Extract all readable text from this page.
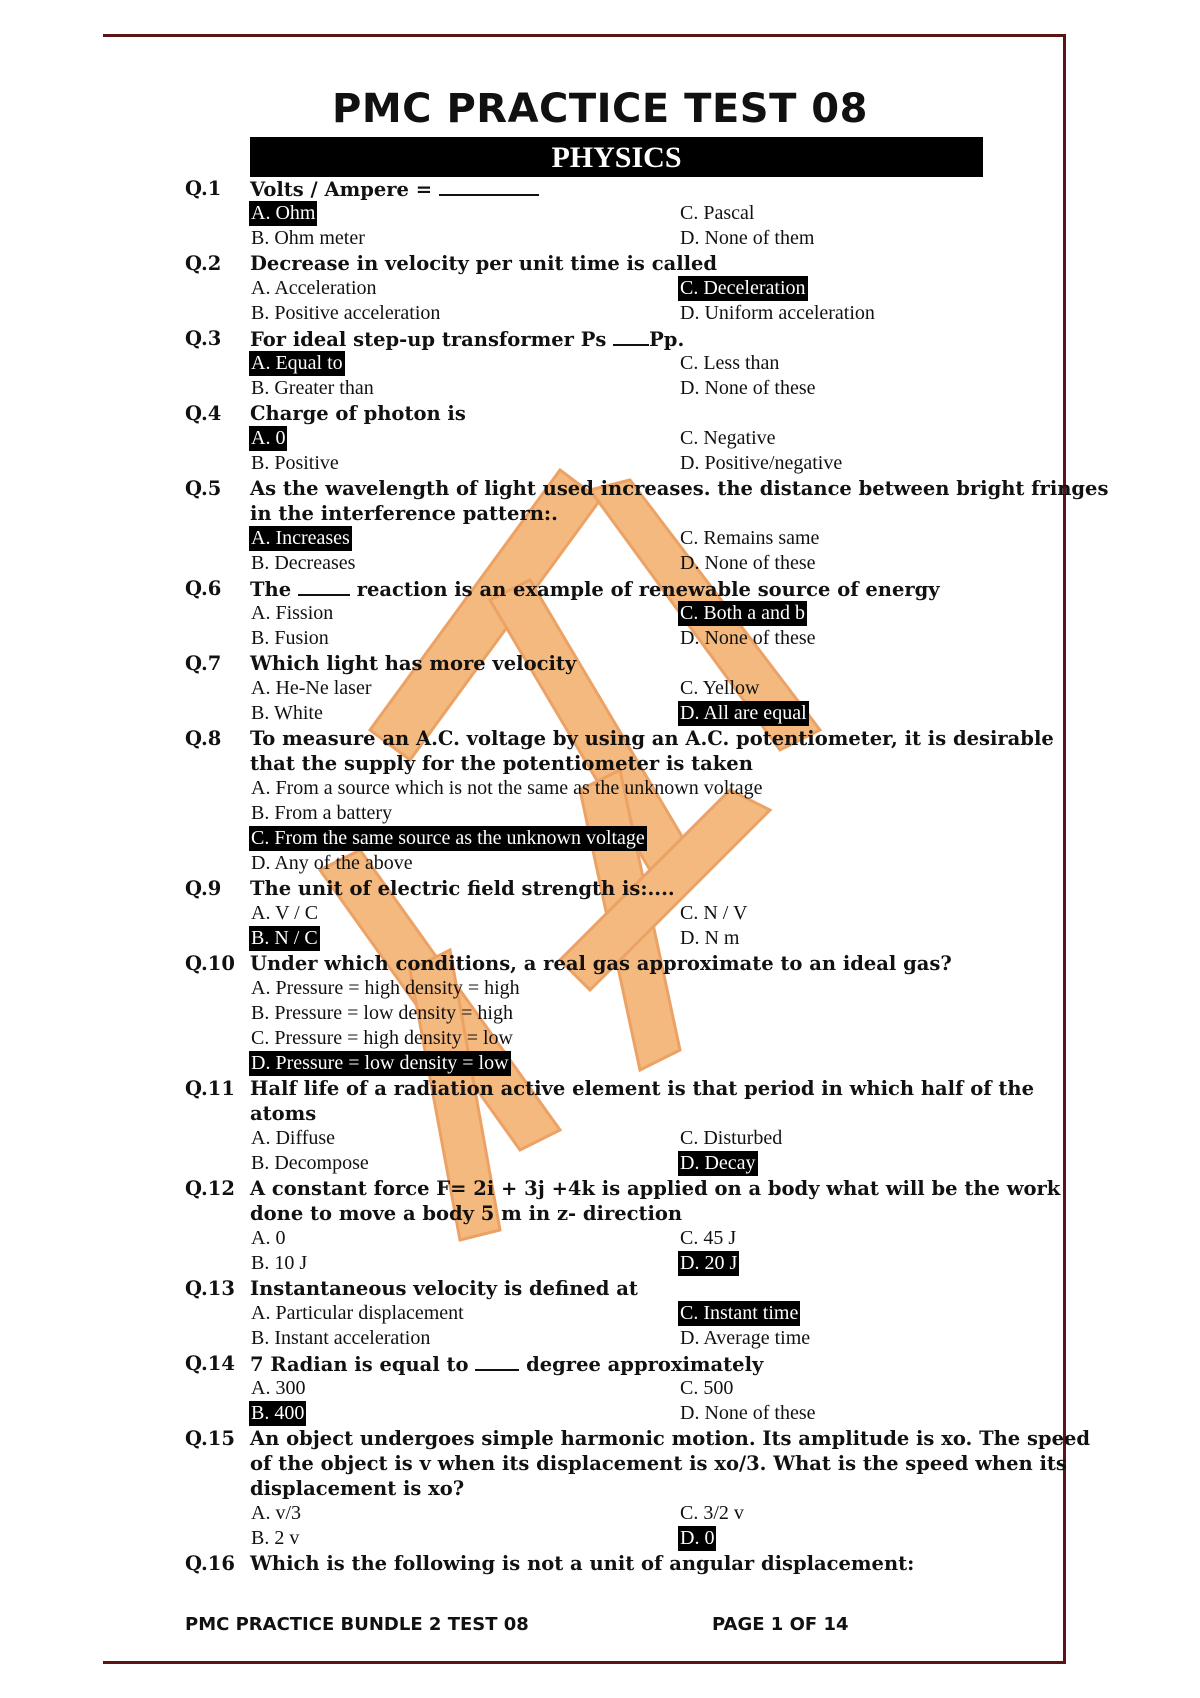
PMC PRACTICE TEST 08
PHYSICS
Q.1 Volts / Ampere =
A. Ohm	C. Pascal
B. Ohm meter	D. None of them
Q.2 Decrease in velocity per unit time is called
A. Acceleration	C. Deceleration
B. Positive acceleration	D. Uniform acceleration
Q.3 For ideal step-up transformer Ps Pp.
A. Equal to	C. Less than
B. Greater than	D. None of these
Q.4 Charge of photon is
A. 0	C. Negative
B. Positive	D. Positive/negative
Q.5 As the wavelength of light used increases. the distance between bright fringes
in the interference pattern:.
A. Increases	C. Remains same
B. Decreases	D. None of these
Q.6 The	reaction is an example of renewable source of energy
A. Fission	C. Both a and b
B. Fusion	D. None of these
Q.7 Which light has more velocity
A. He-Ne laser	C. Yellow
B. White	D. All are equal
Q.8 To measure an A.C. voltage by using an A.C. potentiometer, it is desirable
that the supply for the potentiometer is taken
A. From a source which is not the same as the unknown voltage
B. From a battery
C. From the same source as the unknown voltage
D. Any of the above
Q.9 The unit of electric field strength is:....
A. V / C	C. N / V
B. N / C	D. N m
Q.10 Under which conditions, a real gas approximate to an ideal gas?
A. Pressure = high density = high
B. Pressure = low density = high
C. Pressure = high density = low
D. Pressure = low density = low
Q.11 Half life of a radiation active element is that period in which half of the
atoms
A. Diffuse	C. Disturbed
B. Decompose	D. Decay
Q.12 A constant force F= 2i + 3j +4k is applied on a body what will be the work
done to move a body 5 m in z- direction
A. 0	C. 45 J
B. 10 J	D. 20 J
Q.13 Instantaneous velocity is defined at
A. Particular displacement	C. Instant time
B. Instant acceleration	D. Average time
Q.14 7 Radian is equal to	degree approximately
A. 300	C. 500
B. 400	D. None of these
Q.15 An object undergoes simple harmonic motion. Its amplitude is xo. The speed
of the object is v when its displacement is xo/3. What is the speed when its
displacement is xo?
A. v/3	C. 3/2 v
B. 2 v	D. 0
Q.16 Which is the following is not a unit of angular displacement:
PMC PRACTICE BUNDLE 2 TEST 08	PAGE 1 OF 14
